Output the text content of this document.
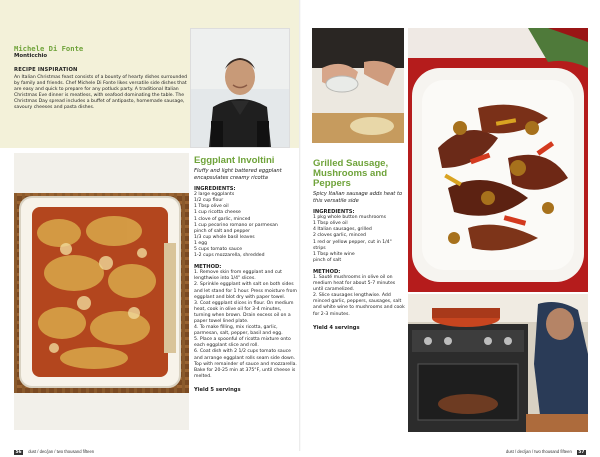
Michele Di Fonte
Monticchio
RECIPE INSPIRATION
An Italian Christmas feast consists of a bounty of hearty dishes surrounded by family and friends. Chef Michele Di Fonte likes versatile side dishes that are easy and quick to prepare for any potluck party. A traditional Italian Christmas Eve dinner is meatless, with seafood dominating the table. The Christmas Day spread includes a buffet of antipasto, homemade sausage, savoury cheeses and pasta dishes.
Eggplant Involtini
Fluffy and light battered eggplant encapsulates creamy ricotta
INGREDIENTS:
2 large eggplants
1/2 cup flour
1 Tbsp olive oil
1 cup ricotta cheese
1 clove of garlic, minced
1 cup pecorino romano or parmesan
pinch of salt and pepper
1/3 cup whole basil leaves
1 egg
5 cups tomato sauce
1-2 cups mozzarella, shredded
METHOD:
1. Remove skin from eggplant and cut lengthwise into 1/4" slices.
2. Sprinkle eggplant with salt on both sides and let stand for 1 hour. Press moisture from eggplant and blot dry with paper towel.
3. Coat eggplant slices in flour. On medium heat, cook in olive oil for 3-4 minutes, turning when brown. Drain excess oil on a paper towel lined plate.
4. To make filling, mix ricotta, garlic, parmesan, salt, pepper, basil and egg.
5. Place a spoonful of ricotta mixture onto each eggplant slice and roll.
6. Coat dish with 2 1/2 cups tomato sauce and arrange eggplant rolls seam side down. Top with remainder of sauce and mozzarella. Bake for 20-25 min at 375°F, until cheese is melted.
Yield 5 servings
Grilled Sausage, Mushrooms and Peppers
Spicy Italian sausage adds heat to this versatile side
INGREDIENTS:
1 pkg whole button mushrooms
1 Tbsp olive oil
4 Italian sausages, grilled
2 cloves garlic, minced
1 red or yellow pepper, cut in 1/4" strips
1 Tbsp white wine
pinch of salt
METHOD:
1. Sauté mushrooms in olive oil on medium heat for about 5-7 minutes until caramelized.
2. Slice sausages lengthwise. Add minced garlic, peppers, sausages, salt and white wine to mushrooms and cook for 2-3 minutes.
Yield 4 servings
56 dust / dec/jan / two thousand fifteen	dust / dec/jan / two thousand fifteen 57
